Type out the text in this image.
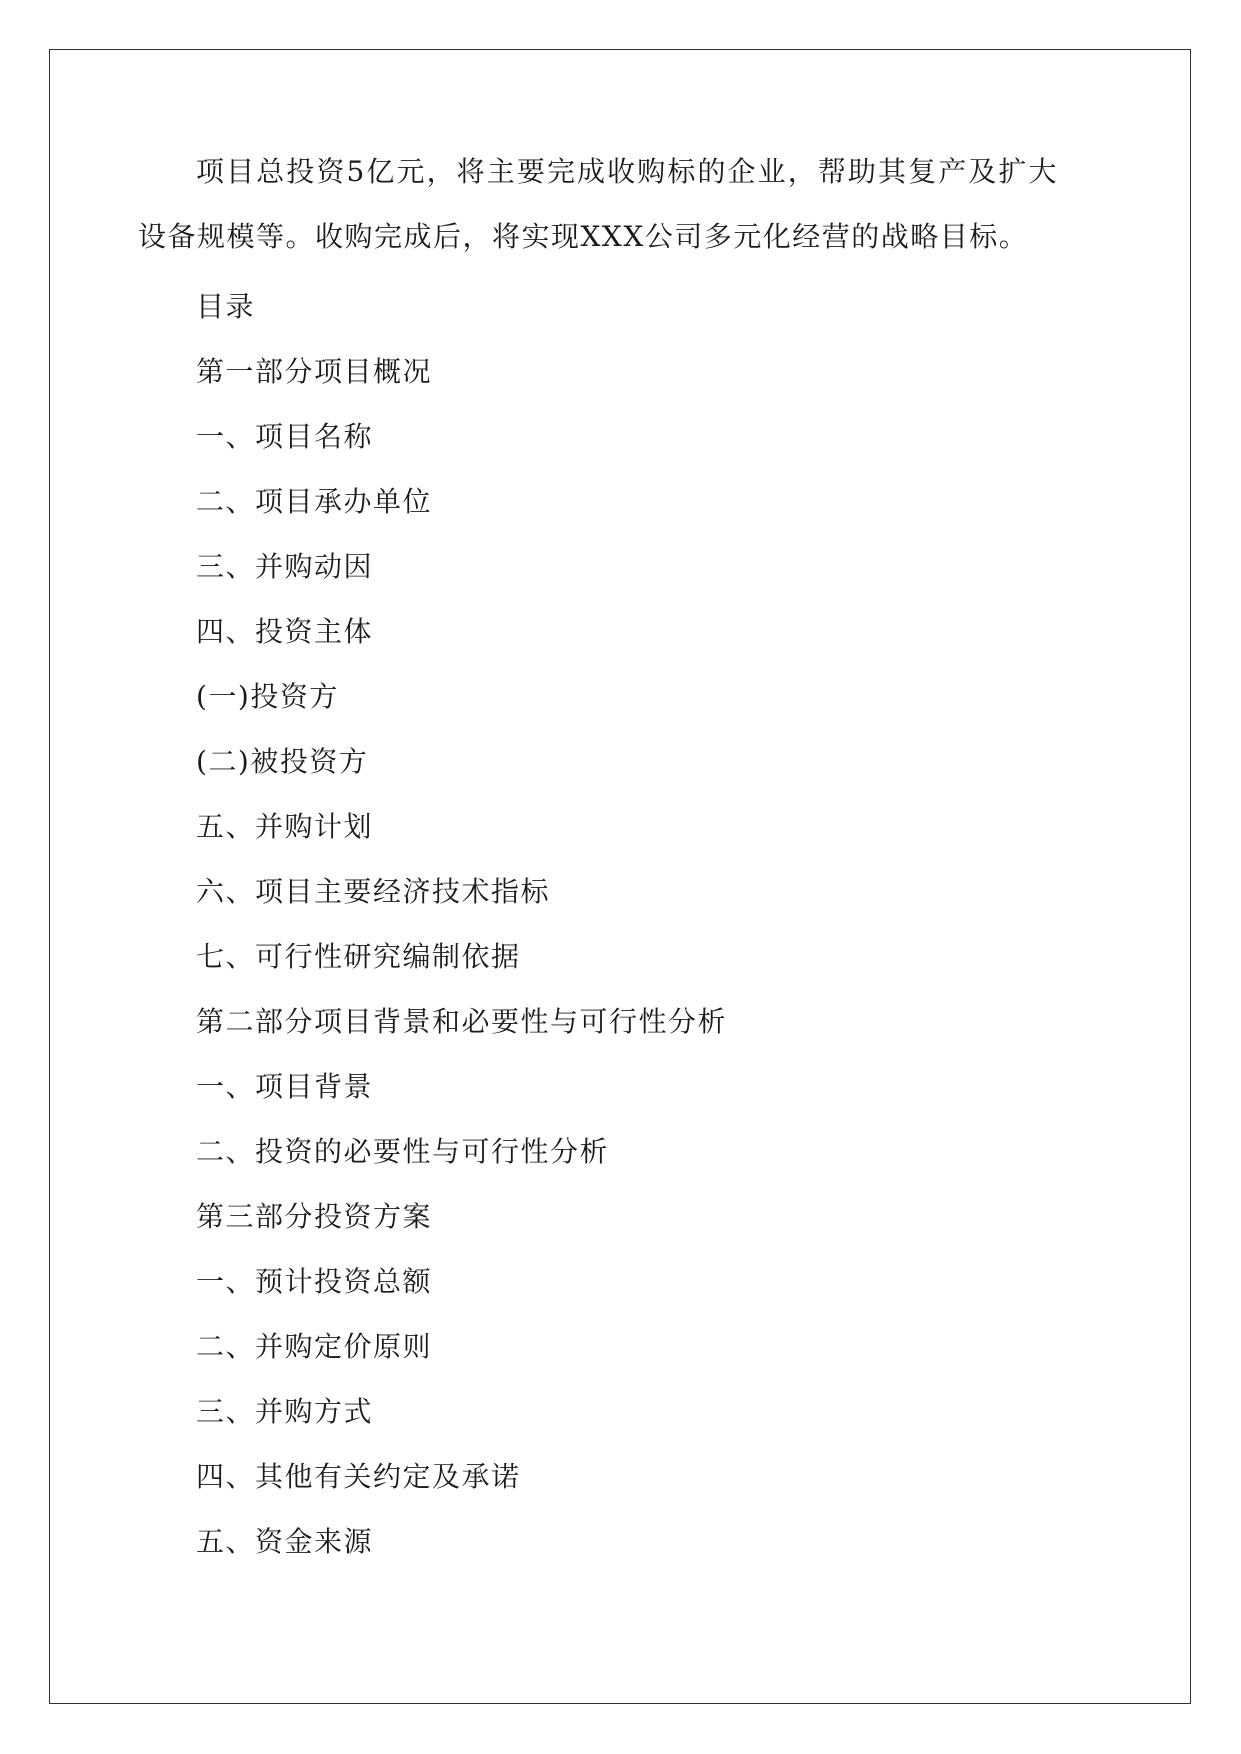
项目总投资5亿元，将主要完成收购标的企业，帮助其复产及扩大设备规模等。收购完成后，将实现XXX公司多元化经营的战略目标。

目录
第一部分项目概况
一、项目名称
二、项目承办单位
三、并购动因
四、投资主体
(一)投资方
(二)被投资方
五、并购计划
六、项目主要经济技术指标
七、可行性研究编制依据
第二部分项目背景和必要性与可行性分析
一、项目背景
二、投资的必要性与可行性分析
第三部分投资方案
一、预计投资总额
二、并购定价原则
三、并购方式
四、其他有关约定及承诺
五、资金来源
